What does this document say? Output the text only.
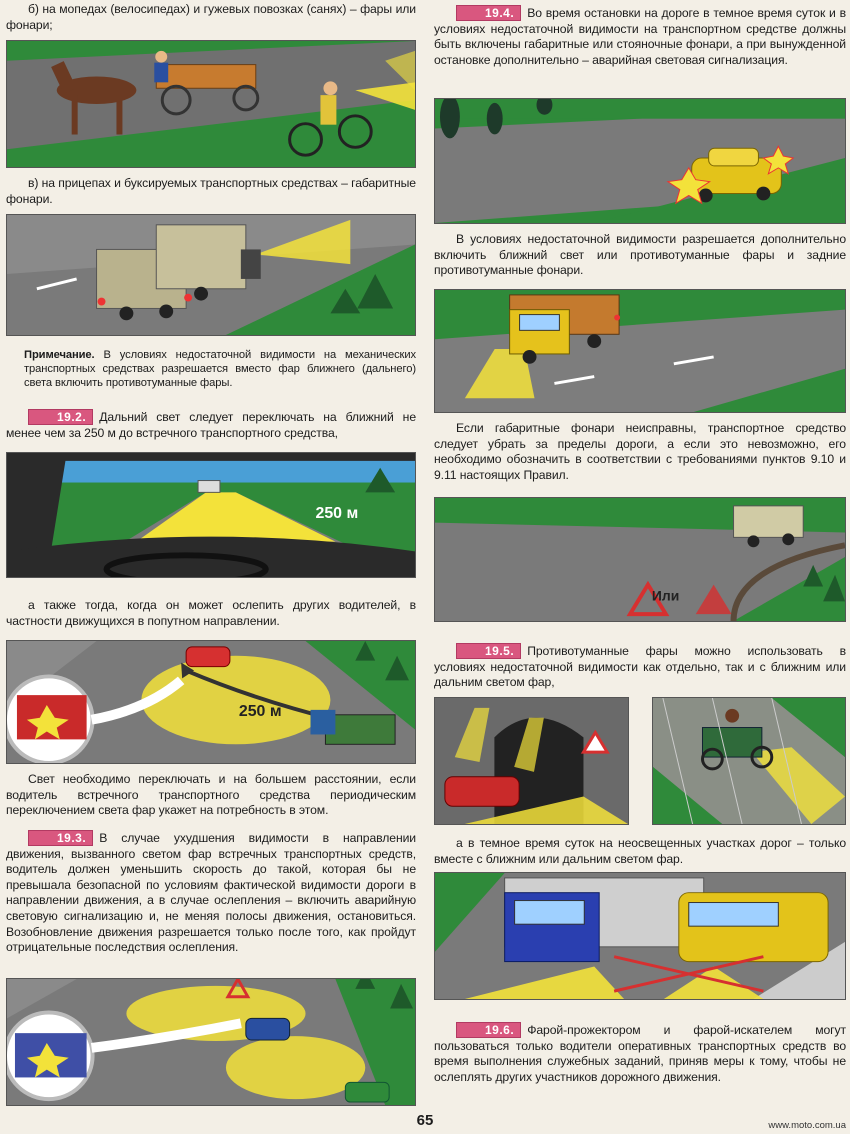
б) на мопедах (велосипедах) и гужевых повозках (санях) – фары или фонари;

в) на прицепах и буксируемых транспортных средствах – габаритные фонари.

Примечание. В условиях недостаточной видимости на механических транспортных средствах разрешается вместо фар ближнего (дальнего) света включить противотуманные фары.

19.2. Дальний свет следует переключать на ближний не менее чем за 250 м до встречного транспортного средства,

250 м

а также тогда, когда он может ослепить других водителей, в частности движущихся в попутном направлении.

250 м

Свет необходимо переключать и на большем расстоянии, если водитель встречного транспортного средства периодическим переключением света фар укажет на потребность в этом.

19.3. В случае ухудшения видимости в направлении движения, вызванного светом фар встречных транспортных средств, водитель должен уменьшить скорость до такой, которая бы не превышала безопасной по условиям фактической видимости дороги в направлении движения, а в случае ослепления – включить аварийную световую сигнализацию и, не меняя полосы движения, остановиться. Возобновление движения разрешается только после того, как пройдут отрицательные последствия ослепления.

19.4. Во время остановки на дороге в темное время суток и в условиях недостаточной видимости на транспортном средстве должны быть включены габаритные или стояночные фонари, а при вынужденной остановке дополнительно – аварийная световая сигнализация.

В условиях недостаточной видимости разрешается дополнительно включить ближний свет или противотуманные фары и задние противотуманные фонари.

Если габаритные фонари неисправны, транспортное средство следует убрать за пределы дороги, а если это невозможно, его необходимо обозначить в соответствии с требованиями пунктов 9.10 и 9.11 настоящих Правил.

Или

19.5. Противотуманные фары можно использовать в условиях недостаточной видимости как отдельно, так и с ближним или дальним светом фар,

а в темное время суток на неосвещенных участках дорог – только вместе с ближним или дальним светом фар.

19.6. Фарой-прожектором и фарой-искателем могут пользоваться только водители оперативных транспортных средств во время выполнения служебных заданий, приняв меры к тому, чтобы не ослеплять других участников дорожного движения.

65	www.moto.com.ua
